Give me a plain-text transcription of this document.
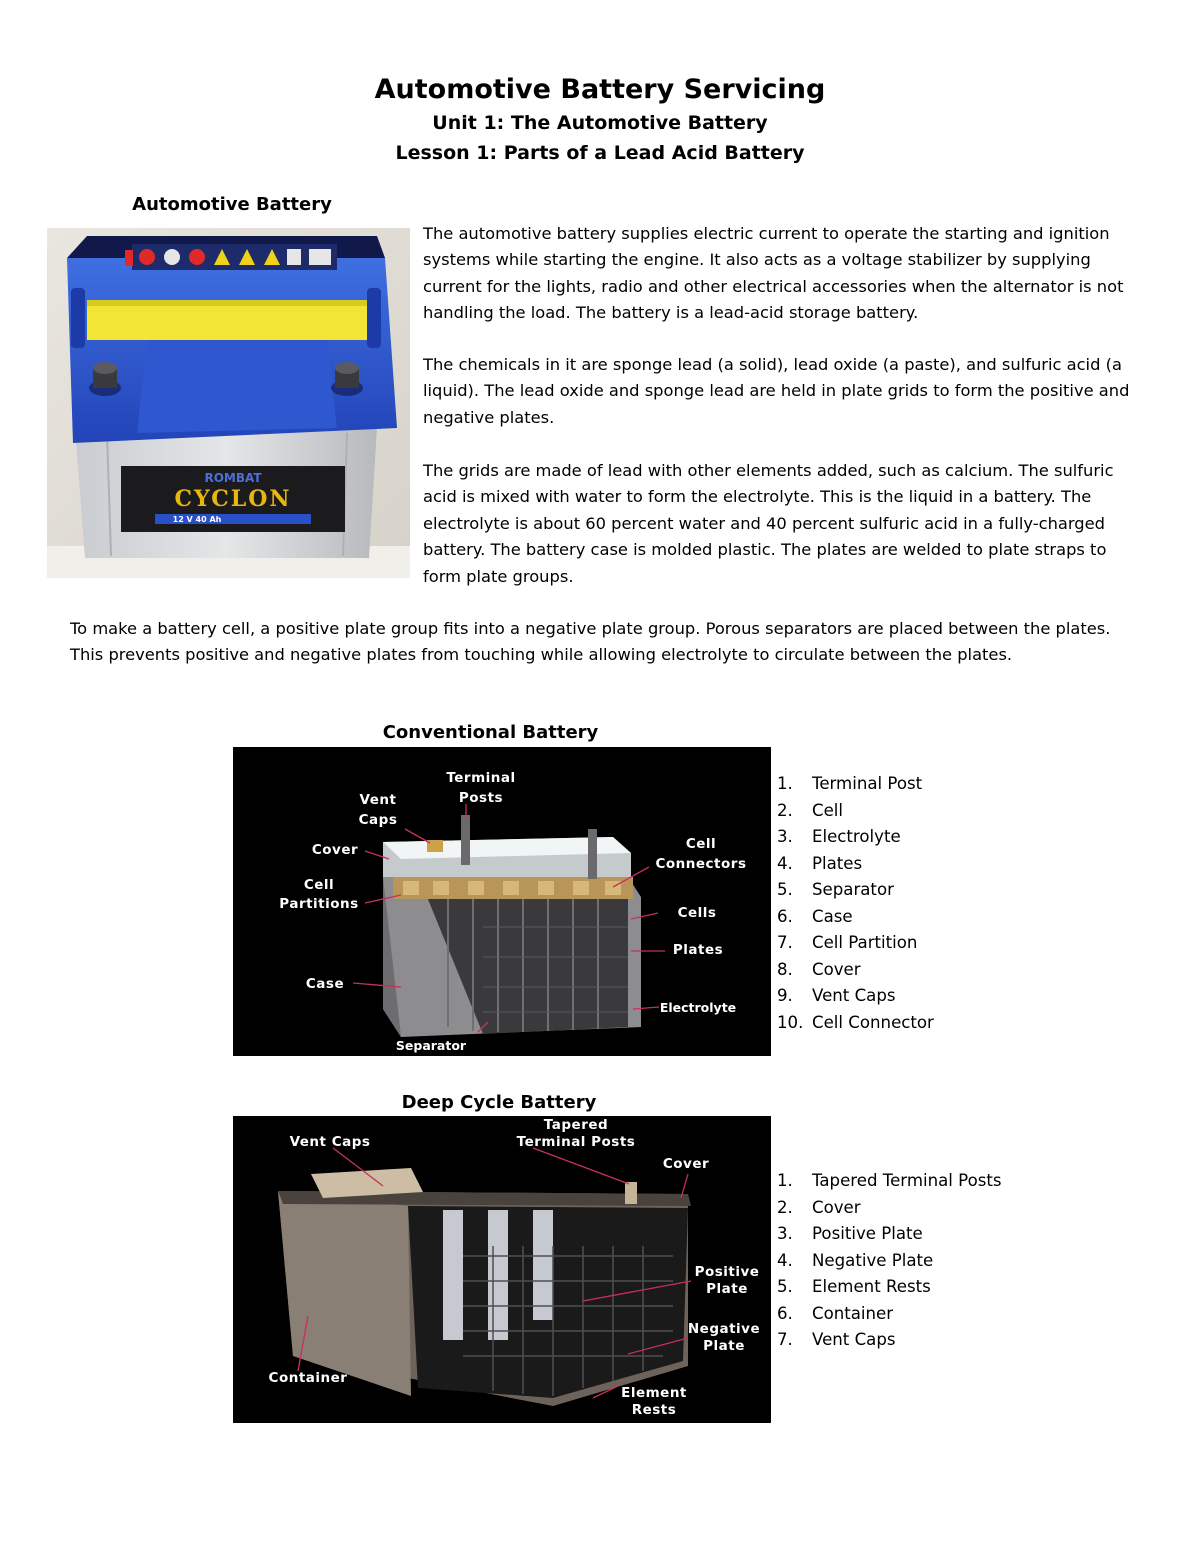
Automotive Battery Servicing
Unit 1: The Automotive Battery
Lesson 1: Parts of a Lead Acid Battery
Automotive Battery
ROMBAT
CYCLON
12 V 40 Ah
The automotive battery supplies electric current to operate the starting and ignition systems while starting the engine. It also acts as a voltage stabilizer by supplying current for the lights, radio and other electrical accessories when the alternator is not handling the load. The battery is a lead-acid storage battery.
The chemicals in it are sponge lead (a solid), lead oxide (a paste), and sulfuric acid (a liquid). The lead oxide and sponge lead are held in plate grids to form the positive and negative plates.
The grids are made of lead with other elements added, such as calcium. The sulfuric acid is mixed with water to form the electrolyte. This is the liquid in a battery. The electrolyte is about 60 percent water and 40 percent sulfuric acid in a fully-charged battery. The battery case is molded plastic. The plates are welded to plate straps to form plate groups.
To make a battery cell, a positive plate group fits into a negative plate group. Porous separators are placed between the plates. This prevents positive and negative plates from touching while allowing electrolyte to circulate between the plates.
Conventional Battery
Terminal
Posts
Vent
Caps
Cover
Cell
Partitions
Case
Cell
Connectors
Cells
Plates
Electrolyte
Separator
1. Terminal Post
2. Cell
3. Electrolyte
4. Plates
5. Separator
6. Case
7. Cell Partition
8. Cover
9. Vent Caps
10. Cell Connector
Deep Cycle Battery
Vent Caps
Tapered
Terminal Posts
Cover
Positive
Plate
Negative
Plate
Container
Element
Rests
1. Tapered Terminal Posts
2. Cover
3. Positive Plate
4. Negative Plate
5. Element Rests
6. Container
7. Vent Caps
